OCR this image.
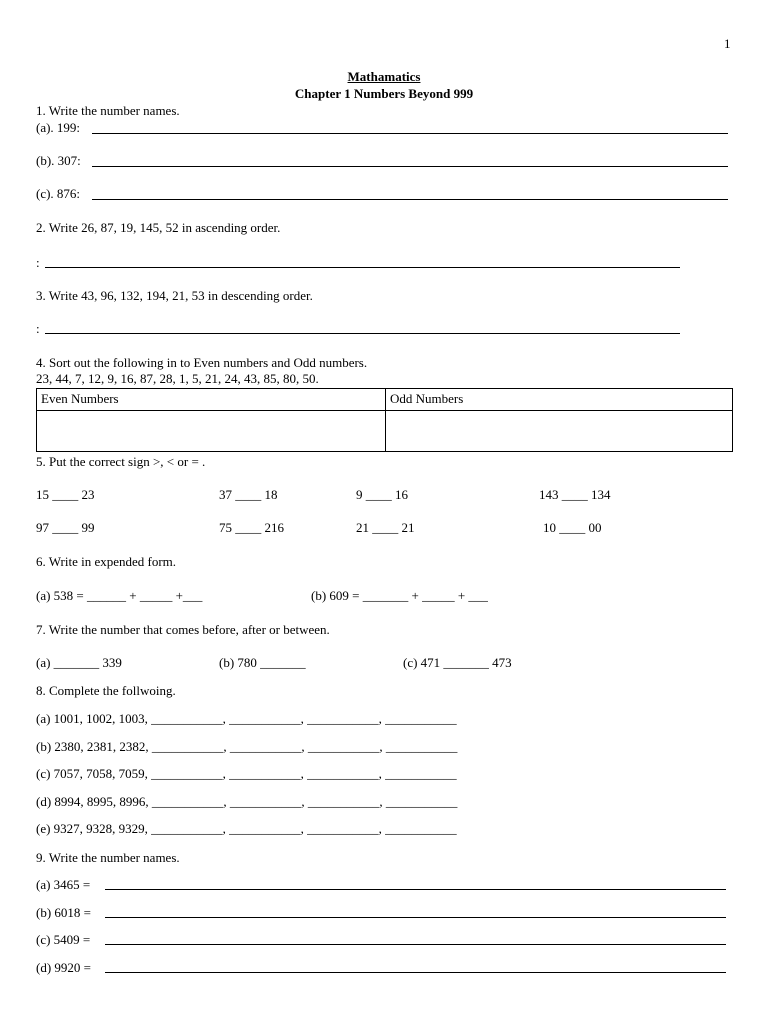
1
Mathamatics
Chapter 1 Numbers Beyond 999
1. Write the number names.
(a). 199:
(b). 307:
(c). 876:
2. Write 26, 87, 19, 145, 52 in ascending order.
:
3. Write 43, 96, 132, 194, 21, 53 in descending order.
:
4. Sort out the following in to Even numbers and Odd numbers.
23, 44, 7, 12, 9, 16, 87, 28, 1, 5, 21, 24, 43, 85, 80, 50.
Even Numbers	Odd Numbers

5. Put the correct sign >, < or = .
15 ____ 23	37 ____ 18	9 ____ 16	143 ____ 134
97 ____ 99	75 ____ 216	21 ____ 21	10 ____ 00
6. Write in expended form.
(a) 538 = ______ + _____ +___	(b) 609 = _______ + _____ + ___
7. Write the number that comes before, after or between.
(a) _______ 339	(b) 780 _______	(c) 471 _______ 473
8. Complete the follwoing.
(a) 1001, 1002, 1003, ___________, ___________, ___________, ___________
(b) 2380, 2381, 2382, ___________, ___________, ___________, ___________
(c) 7057, 7058, 7059, ___________, ___________, ___________, ___________
(d) 8994, 8995, 8996, ___________, ___________, ___________, ___________
(e) 9327, 9328, 9329, ___________, ___________, ___________, ___________
9. Write the number names.
(a) 3465 =
(b) 6018 =
(c) 5409 =
(d) 9920 =
